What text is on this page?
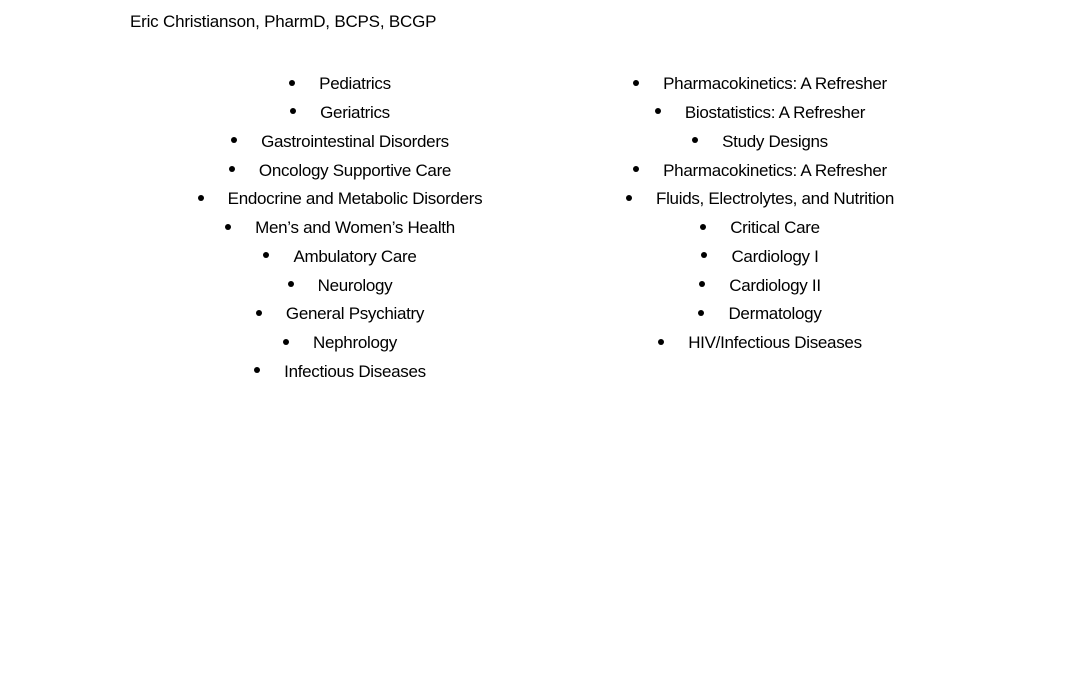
Eric Christianson, PharmD, BCPS, BCGP
Pediatrics
Geriatrics
Gastrointestinal Disorders
Oncology Supportive Care
Endocrine and Metabolic Disorders
Men’s and Women’s Health
Ambulatory Care
Neurology
General Psychiatry
Nephrology
Infectious Diseases
Pharmacokinetics: A Refresher
Biostatistics: A Refresher
Study Designs
Pharmacokinetics: A Refresher
Fluids, Electrolytes, and Nutrition
Critical Care
Cardiology I
Cardiology II
Dermatology
HIV/Infectious Diseases
